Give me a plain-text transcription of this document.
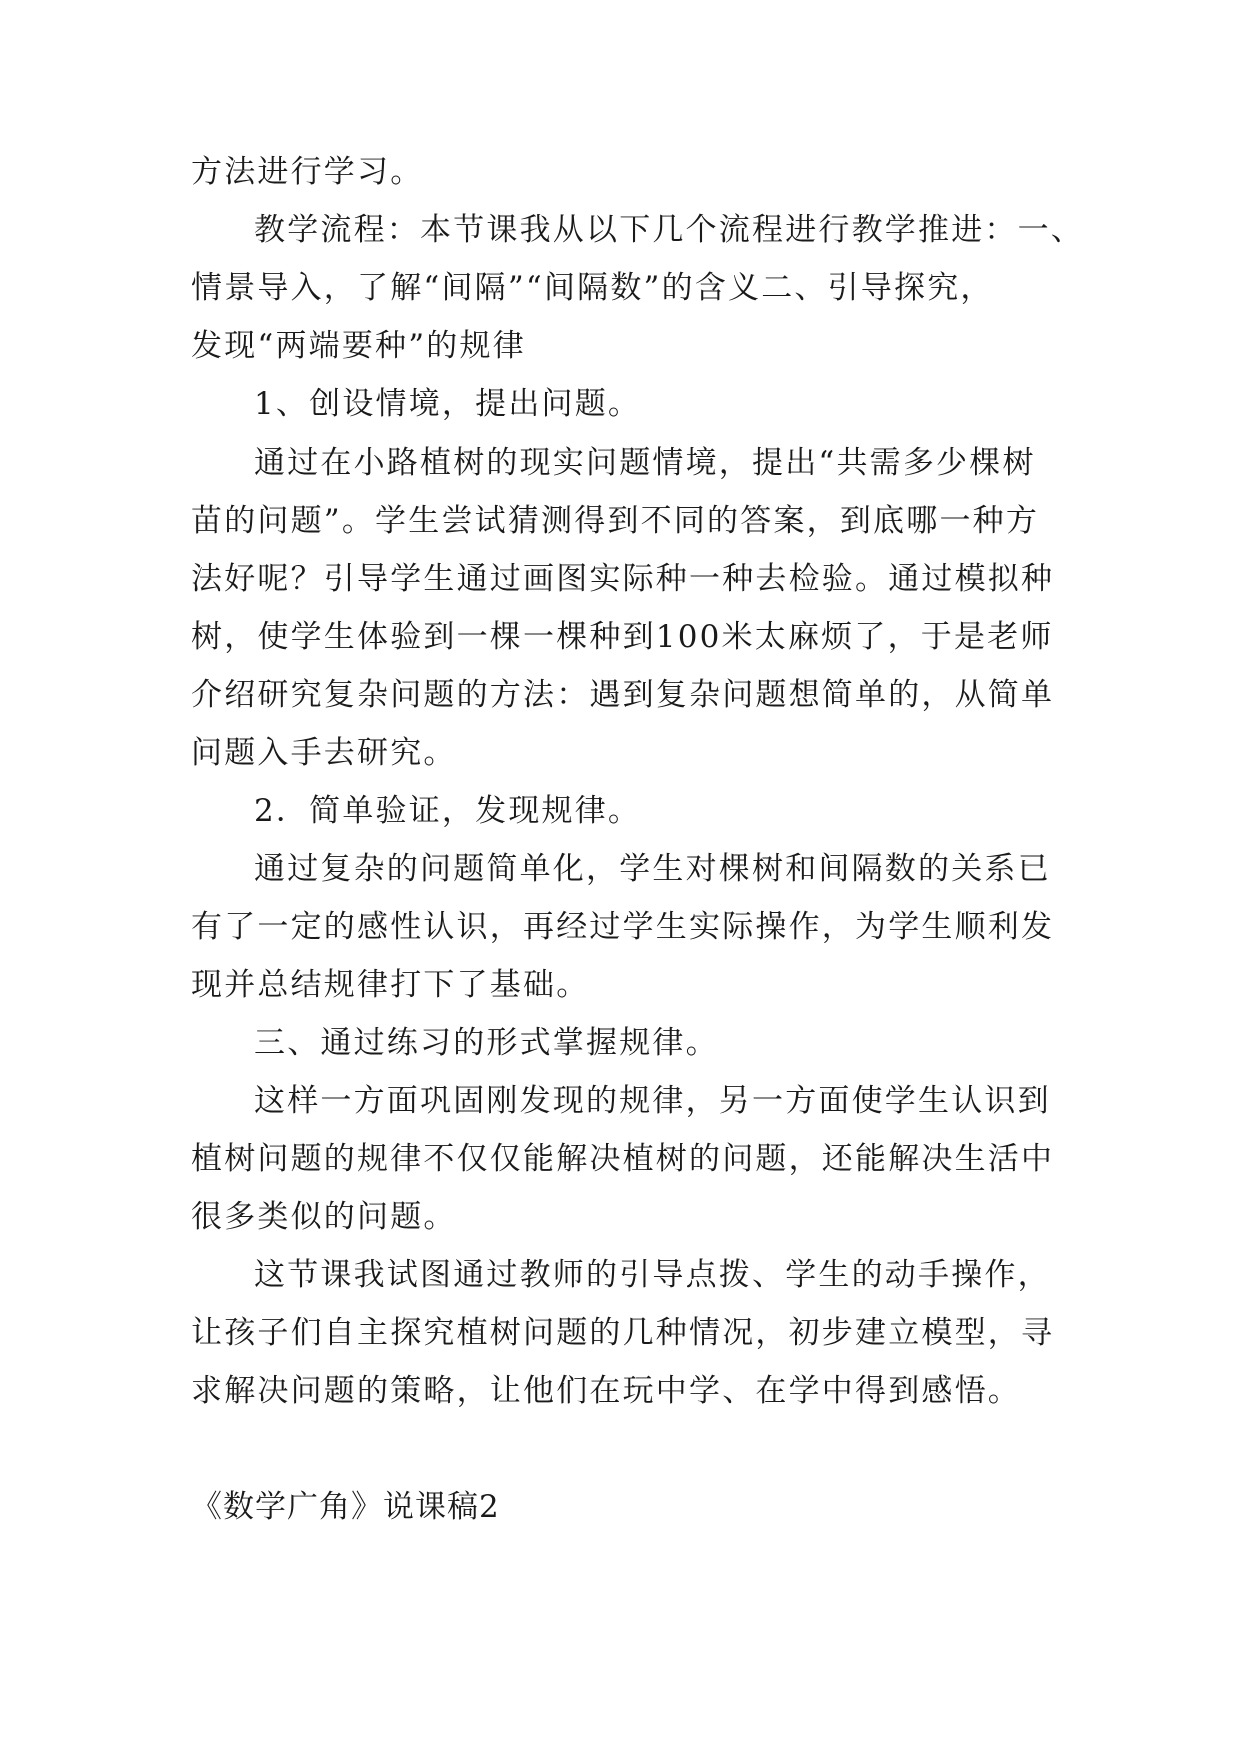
方法进行学习。
教学流程：本节课我从以下几个流程进行教学推进：一、
情景导入，了解“间隔”“间隔数”的含义二、引导探究，
发现“两端要种”的规律
1、创设情境，提出问题。
通过在小路植树的现实问题情境，提出“共需多少棵树
苗的问题”。学生尝试猜测得到不同的答案，到底哪一种方
法好呢？引导学生通过画图实际种一种去检验。通过模拟种
树，使学生体验到一棵一棵种到100米太麻烦了，于是老师
介绍研究复杂问题的方法：遇到复杂问题想简单的，从简单
问题入手去研究。
2．简单验证，发现规律。
通过复杂的问题简单化，学生对棵树和间隔数的关系已
有了一定的感性认识，再经过学生实际操作，为学生顺利发
现并总结规律打下了基础。
三、通过练习的形式掌握规律。
这样一方面巩固刚发现的规律，另一方面使学生认识到
植树问题的规律不仅仅能解决植树的问题，还能解决生活中
很多类似的问题。
这节课我试图通过教师的引导点拨、学生的动手操作，
让孩子们自主探究植树问题的几种情况，初步建立模型，寻
求解决问题的策略，让他们在玩中学、在学中得到感悟。
《数学广角》说课稿2
